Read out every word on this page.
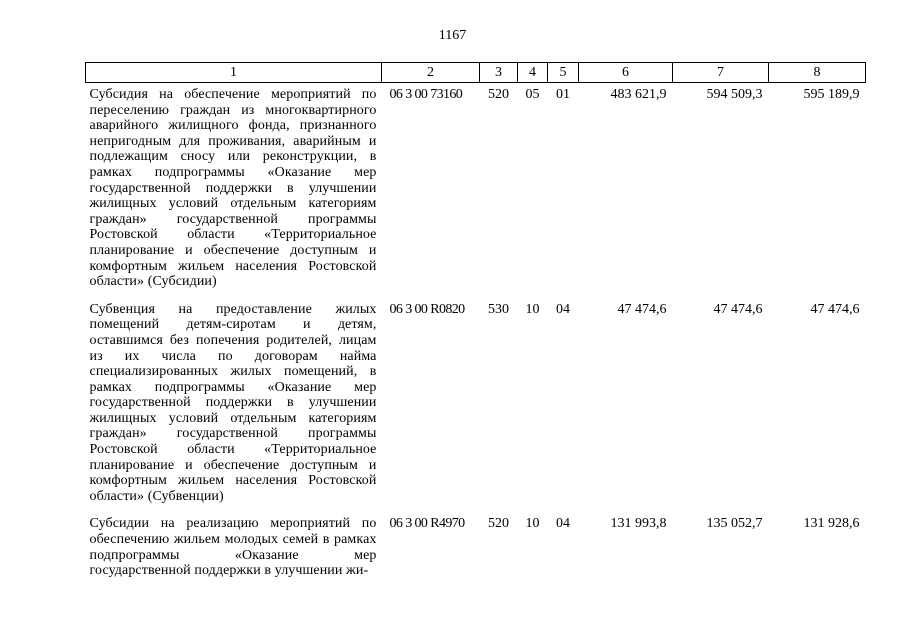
1167
1	2	3	4	5	6	7	8
Субсидия на обеспечение мероприятий по переселению граждан из многоквартирного аварийного жилищного фонда, признанного непригодным для проживания, аварийным и подлежащим сносу или реконструкции, в рамках подпрограммы «Оказание мер государственной поддержки в улучшении жилищных условий отдельным категориям граждан» государственной программы Ростовской области «Территориальное планирование и обеспечение доступным и комфортным жильем населения Ростовской области» (Субсидии)	06 3 00 73160	520	05	01	483 621,9	594 509,3	595 189,9
Субвенция на предоставление жилых помещений детям-сиротам и детям, оставшимся без попечения родителей, лицам из их числа по договорам найма специализированных жилых помещений, в рамках подпрограммы «Оказание мер государственной поддержки в улучшении жилищных условий отдельным категориям граждан» государственной программы Ростовской области «Территориальное планирование и обеспечение доступным и комфортным жильем населения Ростовской области» (Субвенции)	06 3 00 R0820	530	10	04	47 474,6	47 474,6	47 474,6
Субсидии на реализацию мероприятий по обеспечению жильем молодых семей в рамках подпрограммы «Оказание мер государственной поддержки в улучшении жи-	06 3 00 R4970	520	10	04	131 993,8	135 052,7	131 928,6
